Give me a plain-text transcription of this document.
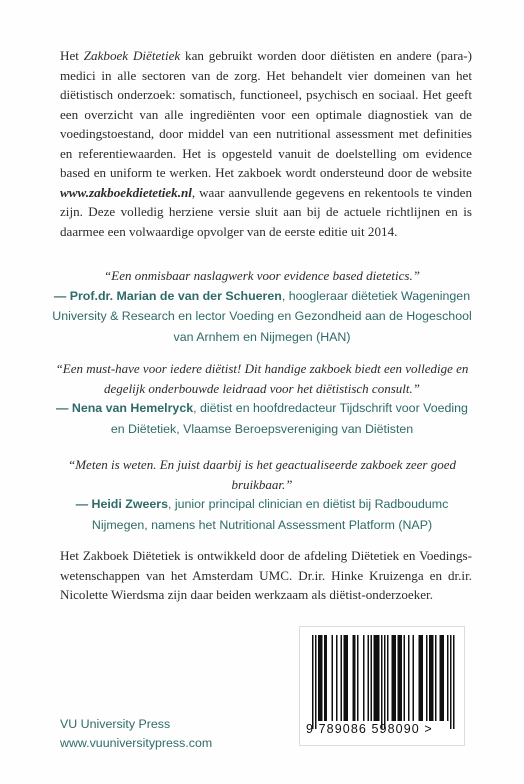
Het Zakboek Diëtetiek kan gebruikt worden door diëtisten en andere (para-) medici in alle sectoren van de zorg. Het behandelt vier domeinen van het diëtistisch onderzoek: somatisch, functioneel, psychisch en sociaal. Het geeft een overzicht van alle ingrediënten voor een optimale diagnostiek van de voedingstoestand, door middel van een nutritional assessment met definities en referentiewaarden. Het is opgesteld vanuit de doelstelling om evidence based en uniform te werken. Het zakboek wordt ondersteund door de website www.zakboekdietetiek.nl, waar aanvullende gegevens en rekentools te vinden zijn. Deze volledig herziene versie sluit aan bij de actuele richtlijnen en is daarmee een volwaardige opvolger van de eerste editie uit 2014.

“Een onmisbaar naslagwerk voor evidence based dietetics.”
— Prof.dr. Marian de van der Schueren, hoogleraar diëtetiek Wageningen University & Research en lector Voeding en Gezondheid aan de Hogeschool van Arnhem en Nijmegen (HAN)
“Een must-have voor iedere diëtist! Dit handige zakboek biedt een volledige en degelijk onderbouwde leidraad voor het diëtistisch consult.”
— Nena van Hemelryck, diëtist en hoofdredacteur Tijdschrift voor Voeding en Diëtetiek, Vlaamse Beroepsvereniging van Diëtisten
“Meten is weten. En juist daarbij is het geactualiseerde zakboek zeer goed bruikbaar.”
— Heidi Zweers, junior principal clinician en diëtist bij Radboudumc Nijmegen, namens het Nutritional Assessment Platform (NAP)

Het Zakboek Diëtetiek is ontwikkeld door de afdeling Diëtetiek en Voedingswetenschappen van het Amsterdam UMC. Dr.ir. Hinke Kruizenga en dr.ir. Nicolette Wierdsma zijn daar beiden werkzaam als diëtist-onderzoeker.

VU University Press
www.vuuniversitypress.com
9 789086 598090 >
